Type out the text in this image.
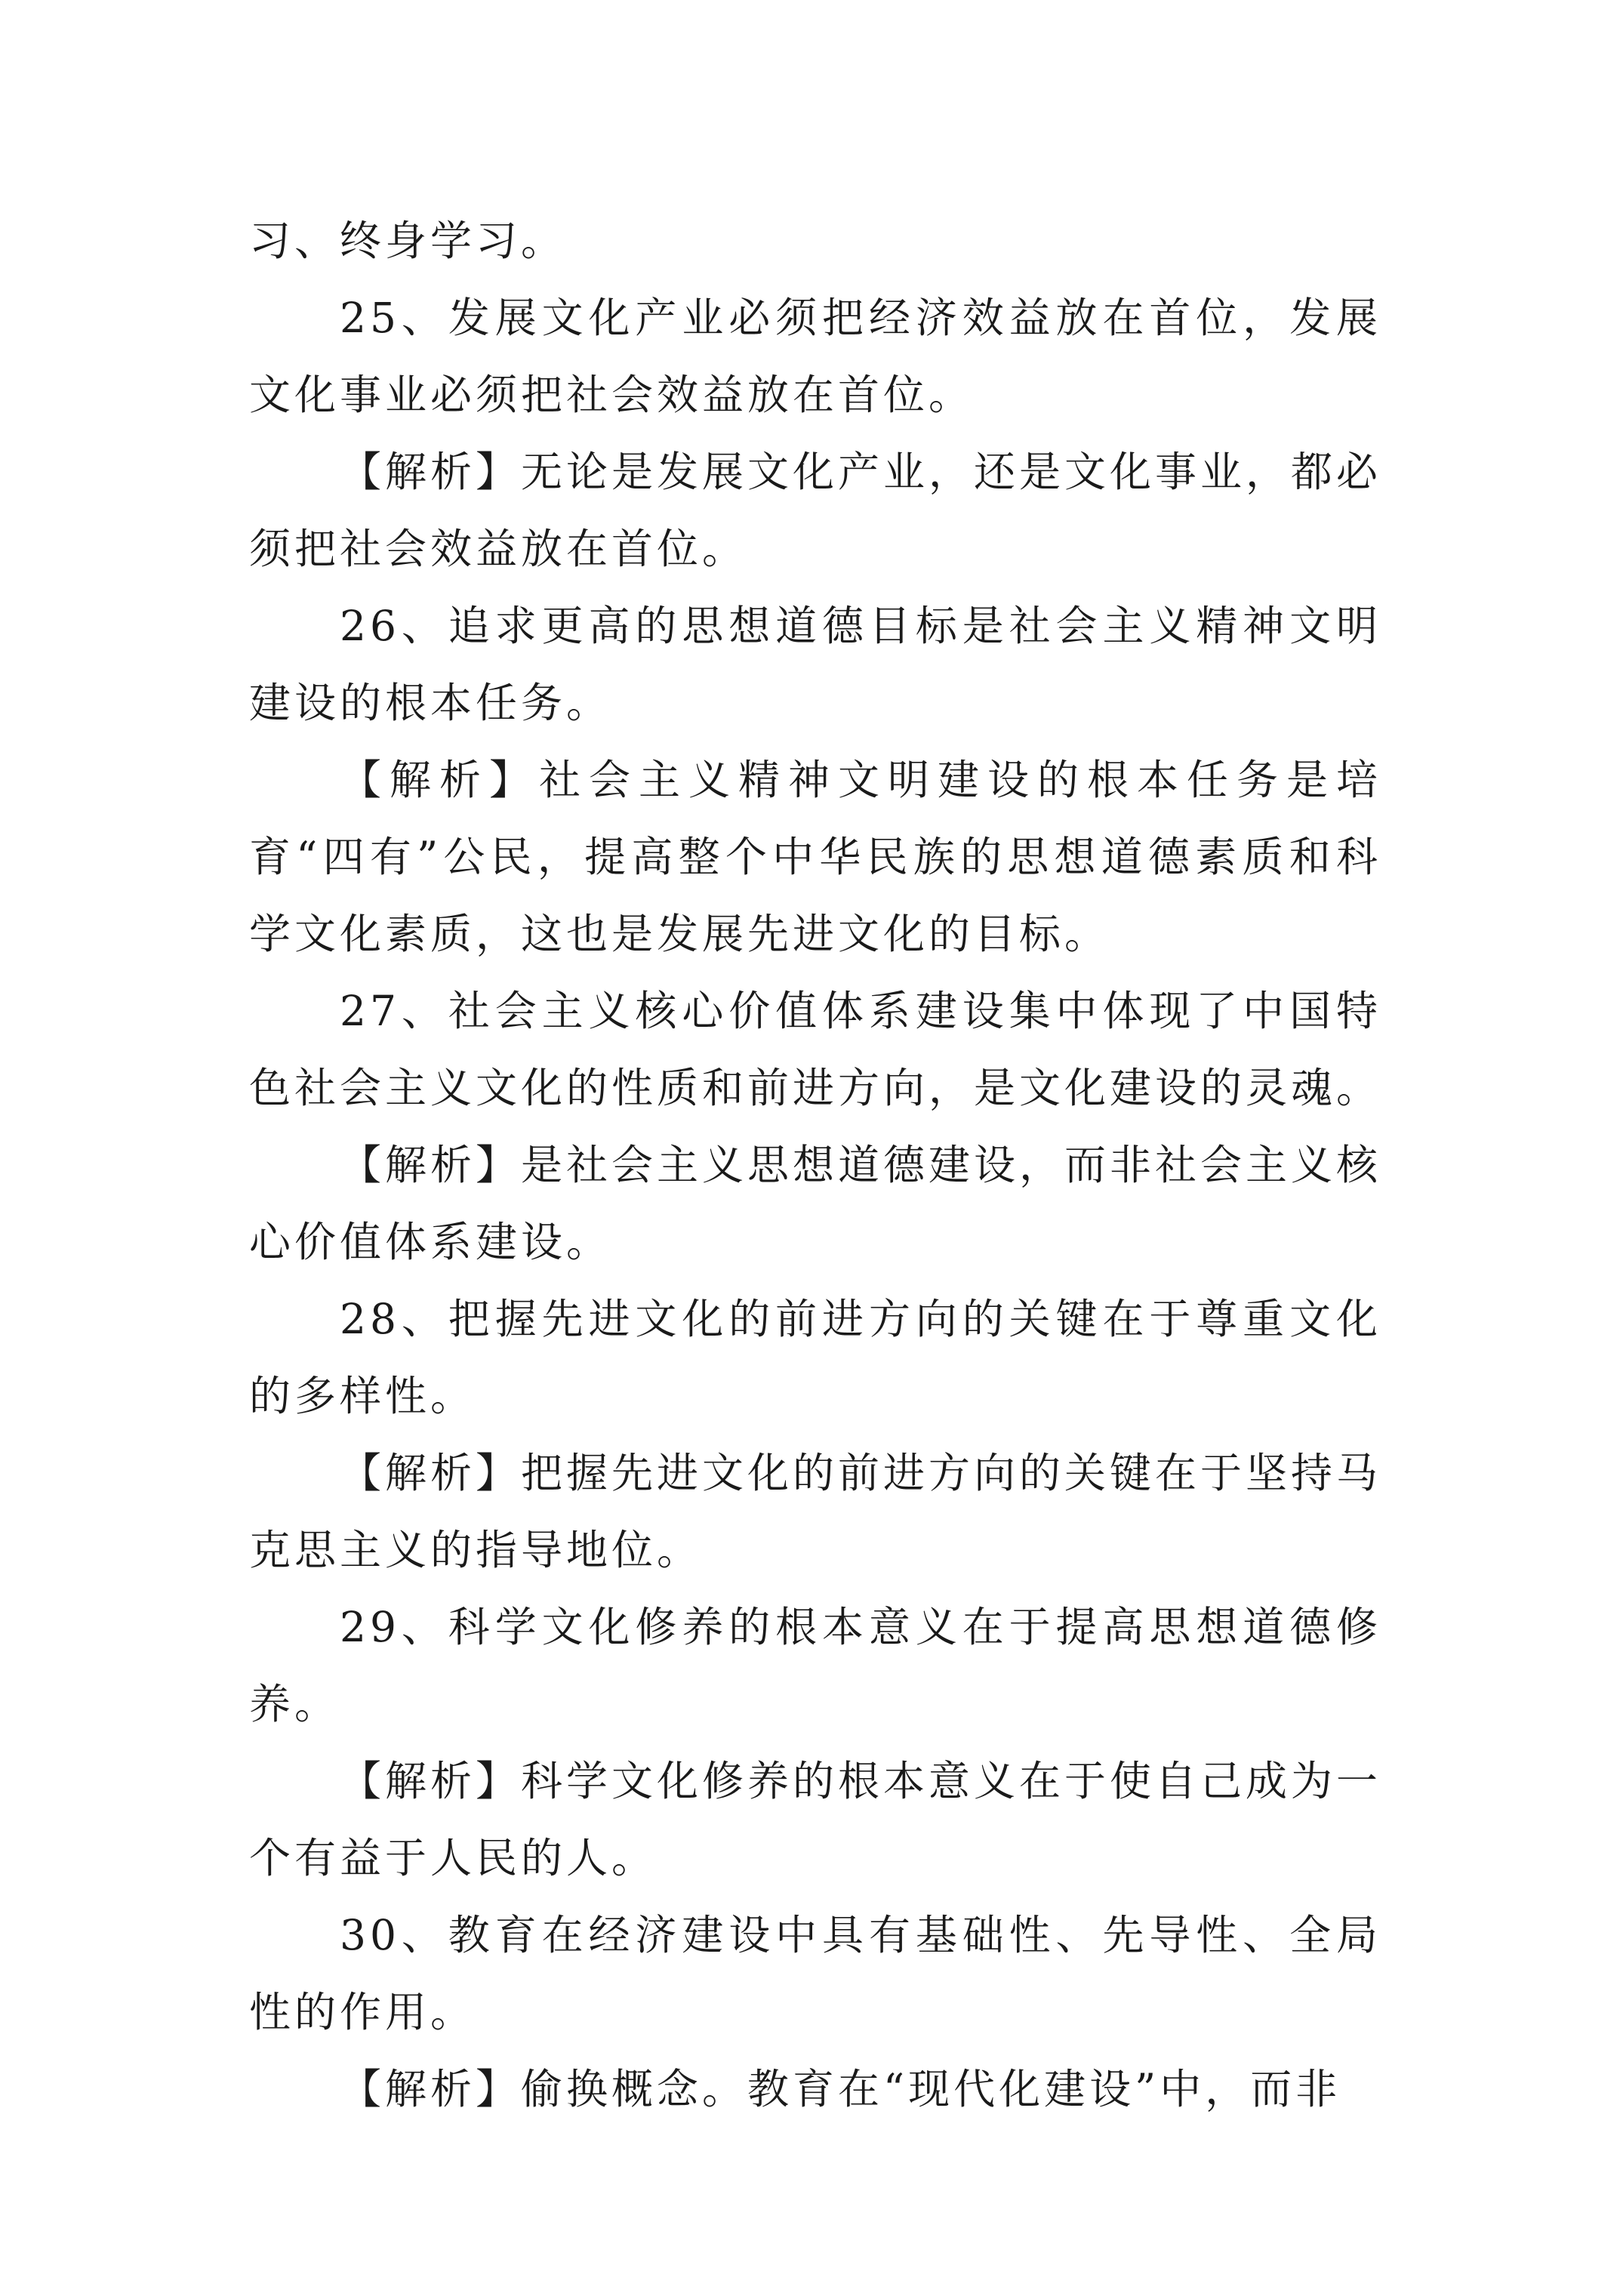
习、终身学习。

25、发展文化产业必须把经济效益放在首位，发展文化事业必须把社会效益放在首位。

【解析】无论是发展文化产业，还是文化事业，都必须把社会效益放在首位。

26、追求更高的思想道德目标是社会主义精神文明建设的根本任务。

【解析】社会主义精神文明建设的根本任务是培育“四有”公民，提高整个中华民族的思想道德素质和科学文化素质，这也是发展先进文化的目标。

27、社会主义核心价值体系建设集中体现了中国特色社会主义文化的性质和前进方向，是文化建设的灵魂。

【解析】是社会主义思想道德建设，而非社会主义核心价值体系建设。

28、把握先进文化的前进方向的关键在于尊重文化的多样性。

【解析】把握先进文化的前进方向的关键在于坚持马克思主义的指导地位。

29、科学文化修养的根本意义在于提高思想道德修养。

【解析】科学文化修养的根本意义在于使自己成为一个有益于人民的人。

30、教育在经济建设中具有基础性、先导性、全局性的作用。

【解析】偷换概念。教育在“现代化建设”中，而非
